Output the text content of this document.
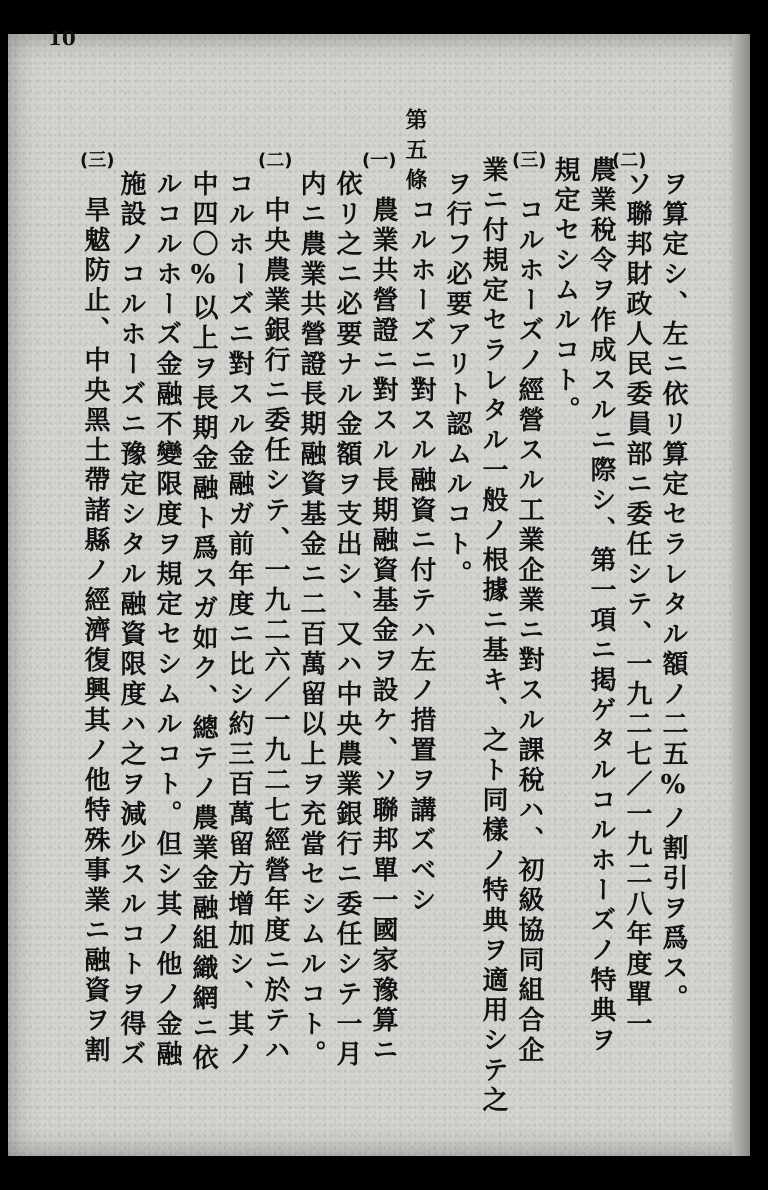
10
(二)
(三)
(一)
(二)
(三)	第五條
ヲ算定シ、左ニ依リ算定セラレタル額ノ二五%ノ割引ヲ爲ス。
ソ聯邦財政人民委員部ニ委任シテ、一九二七／一九二八年度單一
農業稅令ヲ作成スルニ際シ、第一項ニ掲ゲタルコルホーズノ特典ヲ
規定セシムルコト。
コルホーズノ經營スル工業企業ニ對スル課稅ハ、初級協同組合企
業ニ付規定セラレタル一般ノ根據ニ基キ、之ト同樣ノ特典ヲ適用シテ之
ヲ行フ必要アリト認ムルコト。
コルホーズニ對スル融資ニ付テハ左ノ措置ヲ講ズベシ
農業共營證ニ對スル長期融資基金ヲ設ケ、ソ聯邦單一國家豫算ニ
依リ之ニ必要ナル金額ヲ支出シ、又ハ中央農業銀行ニ委任シテ一月
内ニ農業共營證長期融資基金ニ二百萬留以上ヲ充當セシムルコト。
中央農業銀行ニ委任シテ、一九二六／一九二七經營年度ニ於テハ
コルホーズニ對スル金融ガ前年度ニ比シ約三百萬留方增加シ、其ノ
中四〇%以上ヲ長期金融ト爲スガ如ク、總テノ農業金融組織網ニ依
ルコルホーズ金融不變限度ヲ規定セシムルコト。但シ其ノ他ノ金融
施設ノコルホーズニ豫定シタル融資限度ハ之ヲ減少スルコトヲ得ズ
旱魃防止、中央黑土帶諸縣ノ經濟復興其ノ他特殊事業ニ融資ヲ割
